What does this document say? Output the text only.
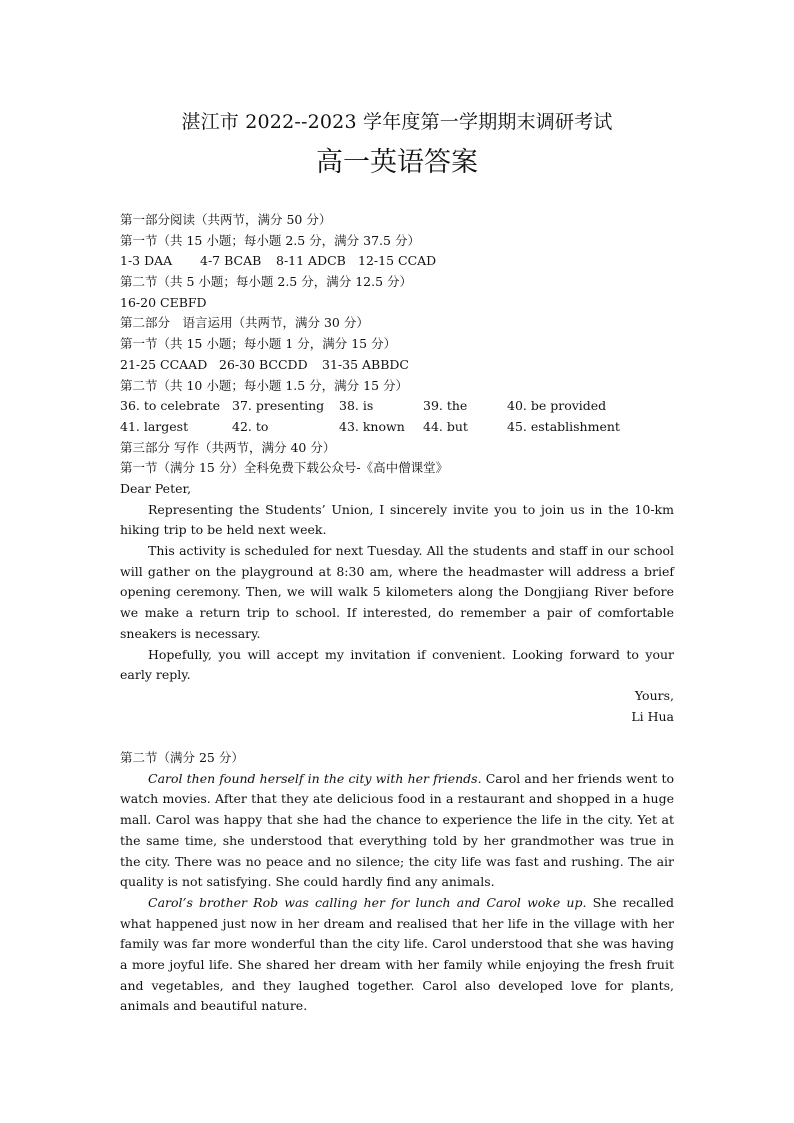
湛江市 2022--2023 学年度第一学期期末调研考试
高一英语答案
第一部分阅读（共两节，满分 50 分）
第一节（共 15 小题；每小题 2.5 分，满分 37.5 分）
1-3 DAA	4-7 BCAB	8-11 ADCB 12-15 CCAD
第二节（共 5 小题；每小题 2.5 分，满分 12.5 分）
16-20 CEBFD
第二部分　语言运用（共两节，满分 30 分）
第一节（共 15 小题；每小题 1 分，满分 15 分）
21-25 CCAAD 26-30 BCCDD	31-35 ABBDC
第二节（共 10 小题；每小题 1.5 分，满分 15 分）
36. to celebrate 37. presenting	38. is	39. the	40. be provided
41. largest	42. to	43. known	44. but	45. establishment
第三部分 写作（共两节，满分 40 分）
第一节（满分 15 分）全科免费下载公众号-《高中僧课堂》
Dear Peter,

Representing the Students’ Union, I sincerely invite you to join us in the 10-km hiking trip to be held next week.

This activity is scheduled for next Tuesday. All the students and staff in our school will gather on the playground at 8:30 am, where the headmaster will address a brief opening ceremony. Then, we will walk 5 kilometers along the Dongjiang River before we make a return trip to school. If interested, do remember a pair of comfortable sneakers is necessary.

Hopefully, you will accept my invitation if convenient. Looking forward to your early reply.

Yours,
Li Hua
第二节（满分 25 分）

Carol then found herself in the city with her friends. Carol and her friends went to watch movies. After that they ate delicious food in a restaurant and shopped in a huge mall. Carol was happy that she had the chance to experience the life in the city. Yet at the same time, she understood that everything told by her grandmother was true in the city. There was no peace and no silence; the city life was fast and rushing. The air quality is not satisfying. She could hardly find any animals.

Carol’s brother Rob was calling her for lunch and Carol woke up. She recalled what happened just now in her dream and realised that her life in the village with her family was far more wonderful than the city life. Carol understood that she was having a more joyful life. She shared her dream with her family while enjoying the fresh fruit and vegetables, and they laughed together. Carol also developed love for plants, animals and beautiful nature.
